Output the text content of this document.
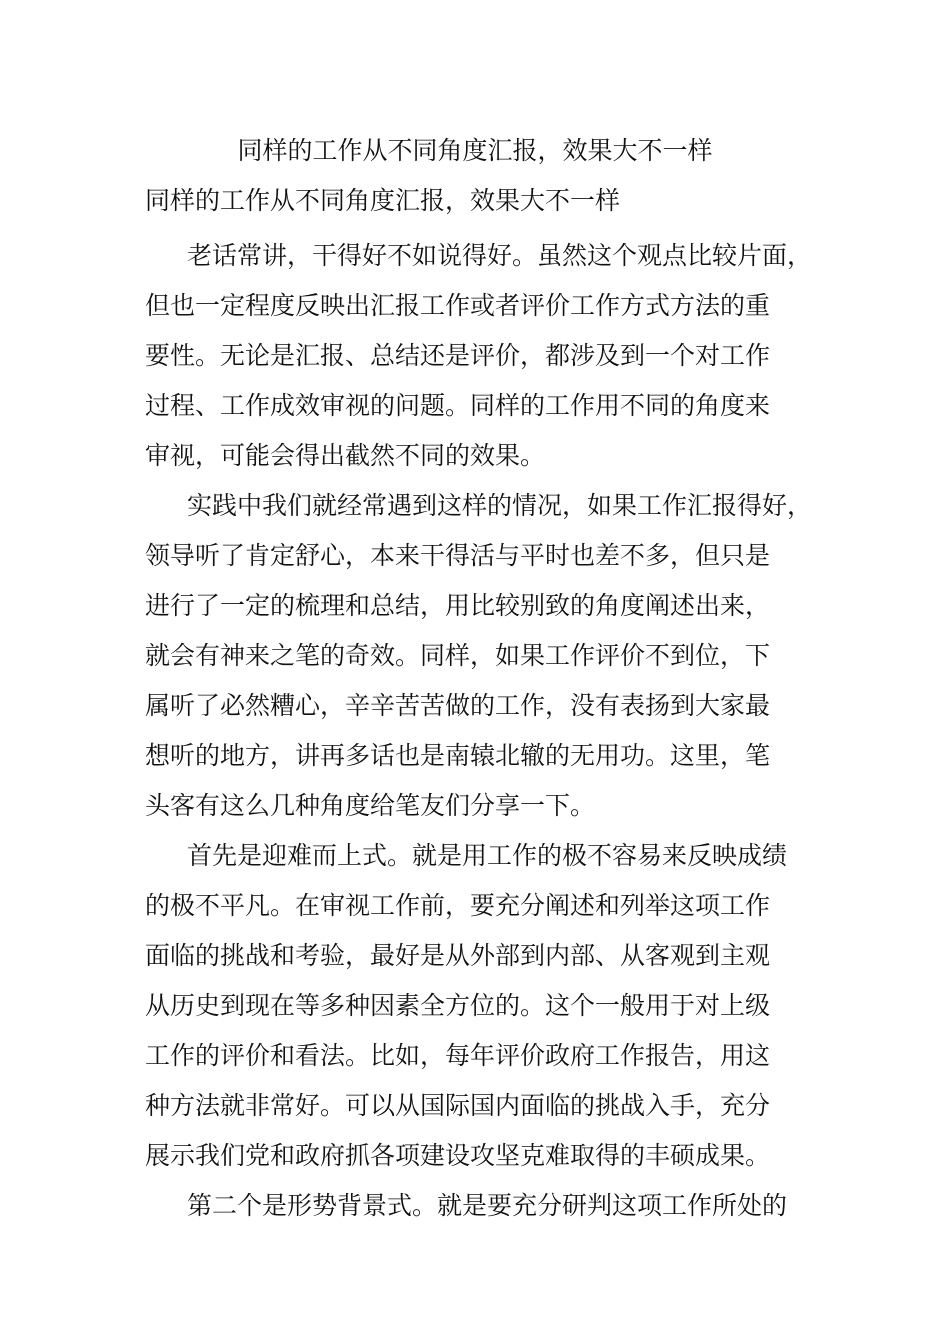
同样的工作从不同角度汇报，效果大不一样
同样的工作从不同角度汇报，效果大不一样

老话常讲，干得好不如说得好。虽然这个观点比较片面，
但也一定程度反映出汇报工作或者评价工作方式方法的重
要性。无论是汇报、总结还是评价，都涉及到一个对工作
过程、工作成效审视的问题。同样的工作用不同的角度来
审视，可能会得出截然不同的效果。

实践中我们就经常遇到这样的情况，如果工作汇报得好，
领导听了肯定舒心，本来干得活与平时也差不多，但只是
进行了一定的梳理和总结，用比较别致的角度阐述出来，
就会有神来之笔的奇效。同样，如果工作评价不到位，下
属听了必然糟心，辛辛苦苦做的工作，没有表扬到大家最
想听的地方，讲再多话也是南辕北辙的无用功。这里，笔
头客有这么几种角度给笔友们分享一下。

首先是迎难而上式。就是用工作的极不容易来反映成绩
的极不平凡。在审视工作前，要充分阐述和列举这项工作
面临的挑战和考验，最好是从外部到内部、从客观到主观
从历史到现在等多种因素全方位的。这个一般用于对上级
工作的评价和看法。比如，每年评价政府工作报告，用这
种方法就非常好。可以从国际国内面临的挑战入手，充分
展示我们党和政府抓各项建设攻坚克难取得的丰硕成果。

第二个是形势背景式。就是要充分研判这项工作所处的
